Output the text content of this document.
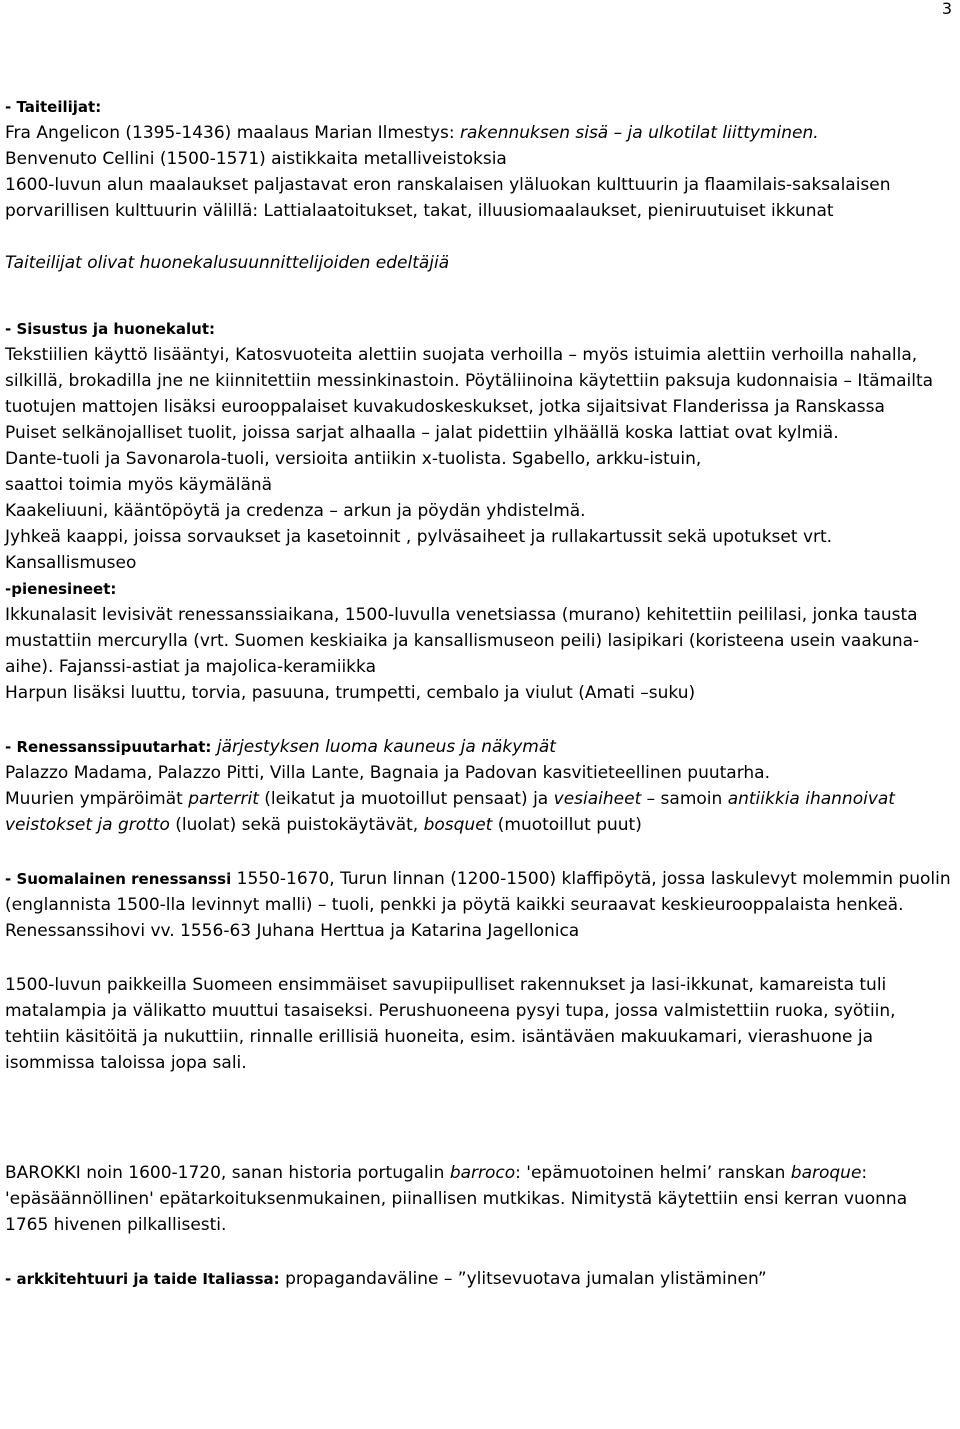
3

- Taiteilijat:

Fra Angelicon (1395-1436) maalaus Marian Ilmestys: rakennuksen sisä – ja ulkotilat liittyminen.

Benvenuto Cellini (1500-1571) aistikkaita metalliveistoksia

1600-luvun alun maalaukset paljastavat eron ranskalaisen yläluokan kulttuurin ja flaamilais-saksalaisen porvarillisen kulttuurin välillä: Lattialaatoitukset, takat, illuusiomaalaukset, pieniruutuiset ikkunat

Taiteilijat olivat huonekalusuunnittelijoiden edeltäjiä

- Sisustus ja huonekalut:

Tekstiilien käyttö lisääntyi, Katosvuoteita alettiin suojata verhoilla – myös istuimia alettiin verhoilla nahalla, silkillä, brokadilla jne ne kiinnitettiin messinkinastoin. Pöytäliinoina käytettiin paksuja kudonnaisia – Itämailta tuotujen mattojen lisäksi eurooppalaiset kuvakudoskeskukset, jotka sijaitsivat Flanderissa ja Ranskassa

Puiset selkänojalliset tuolit, joissa sarjat alhaalla – jalat pidettiin ylhäällä koska lattiat ovat kylmiä.

Dante-tuoli ja Savonarola-tuoli, versioita antiikin x-tuolista. Sgabello, arkku-istuin,

saattoi toimia myös käymälänä

Kaakeliuuni, kääntöpöytä ja credenza – arkun ja pöydän yhdistelmä.

Jyhkeä kaappi, joissa sorvaukset ja kasetoinnit , pylväsaiheet ja rullakartussit sekä upotukset vrt.

Kansallismuseo

-pienesineet:

Ikkunalasit levisivät renessanssiaikana, 1500-luvulla venetsiassa (murano) kehitettiin peililasi, jonka tausta mustattiin mercurylla (vrt. Suomen keskiaika ja kansallismuseon peili) lasipikari (koristeena usein vaakuna-aihe). Fajanssi-astiat ja majolica-keramiikka

Harpun lisäksi luuttu, torvia, pasuuna, trumpetti, cembalo ja viulut (Amati –suku)

- Renessanssipuutarhat: järjestyksen luoma kauneus ja näkymät

Palazzo Madama, Palazzo Pitti, Villa Lante, Bagnaia ja Padovan kasvitieteellinen puutarha.

Muurien ympäröimät parterrit (leikatut ja muotoillut pensaat) ja vesiaiheet – samoin antiikkia ihannoivat veistokset ja grotto (luolat) sekä puistokäytävät, bosquet (muotoillut puut)

- Suomalainen renessanssi 1550-1670, Turun linnan (1200-1500) klaffipöytä, jossa laskulevyt molemmin puolin (englannista 1500-lla levinnyt malli) – tuoli, penkki ja pöytä kaikki seuraavat keskieurooppalaista henkeä.

Renessanssihovi vv. 1556-63 Juhana Herttua ja Katarina Jagellonica

1500-luvun paikkeilla Suomeen ensimmäiset savupiipulliset rakennukset ja lasi-ikkunat, kamareista tuli matalampia ja välikatto muuttui tasaiseksi. Perushuoneena pysyi tupa, jossa valmistettiin ruoka, syötiin, tehtiin käsitöitä ja nukuttiin, rinnalle erillisiä huoneita, esim. isäntäväen makuukamari, vierashuone ja isommissa taloissa jopa sali.

BAROKKI noin 1600-1720, sanan historia portugalin barroco: 'epämuotoinen helmi’ ranskan baroque: 'epäsäännöllinen' epätarkoituksenmukainen, piinallisen mutkikas. Nimitystä käytettiin ensi kerran vuonna 1765 hivenen pilkallisesti.

- arkkitehtuuri ja taide Italiassa: propagandaväline – ”ylitsevuotava jumalan ylistäminen”
